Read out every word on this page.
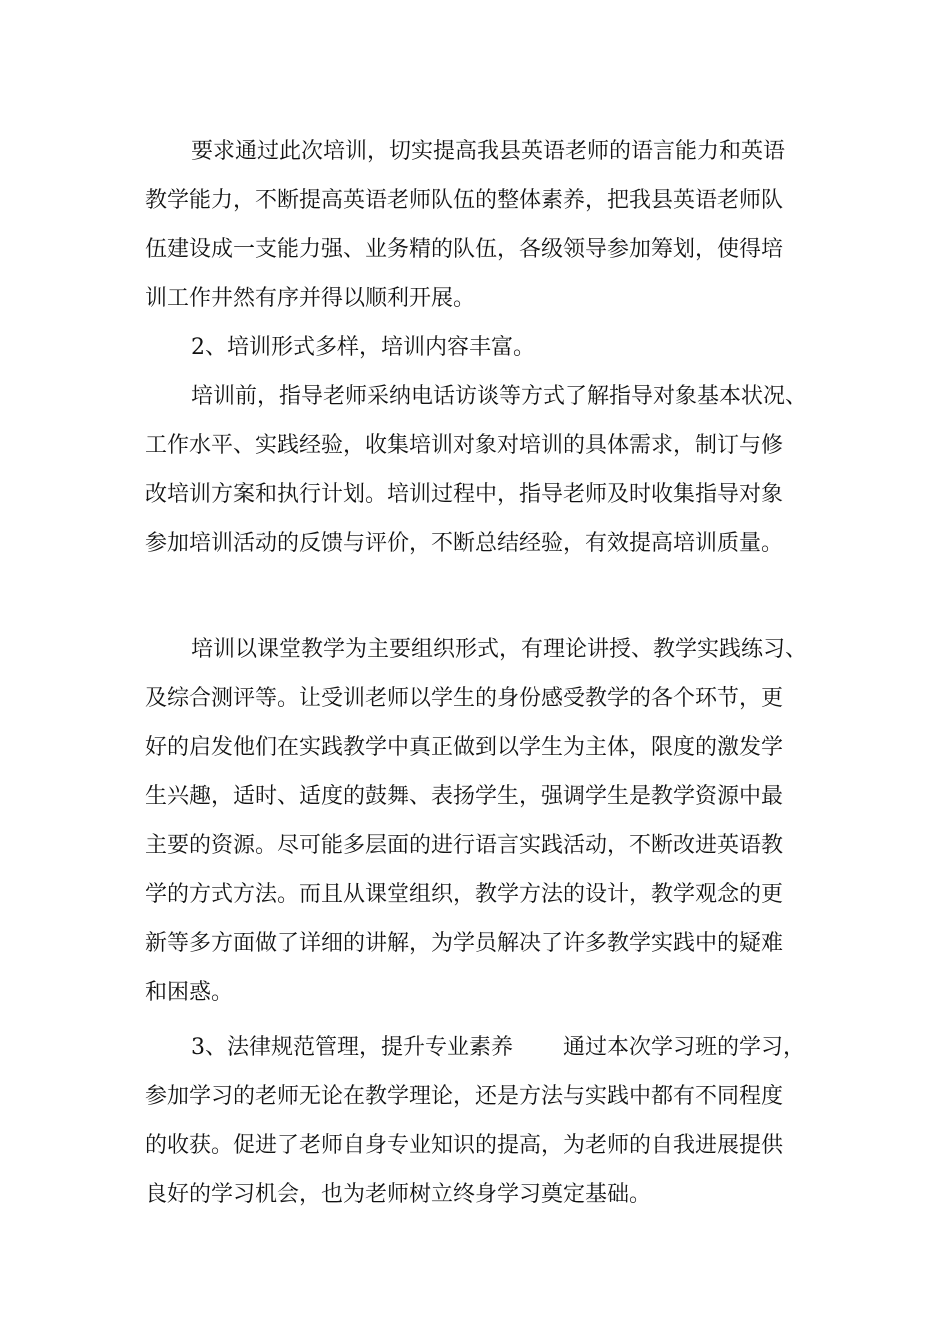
要求通过此次培训，切实提高我县英语老师的语言能力和英语
教学能力，不断提高英语老师队伍的整体素养，把我县英语老师队
伍建设成一支能力强、业务精的队伍，各级领导参加筹划，使得培
训工作井然有序并得以顺利开展。
2、培训形式多样，培训内容丰富。
培训前，指导老师采纳电话访谈等方式了解指导对象基本状况、
工作水平、实践经验，收集培训对象对培训的具体需求，制订与修
改培训方案和执行计划。培训过程中，指导老师及时收集指导对象
参加培训活动的反馈与评价，不断总结经验，有效提高培训质量。
培训以课堂教学为主要组织形式，有理论讲授、教学实践练习、
及综合测评等。让受训老师以学生的身份感受教学的各个环节，更
好的启发他们在实践教学中真正做到以学生为主体，限度的激发学
生兴趣，适时、适度的鼓舞、表扬学生，强调学生是教学资源中最
主要的资源。尽可能多层面的进行语言实践活动，不断改进英语教
学的方式方法。而且从课堂组织，教学方法的设计，教学观念的更
新等多方面做了详细的讲解，为学员解决了许多教学实践中的疑难
和困惑。
3、法律规范管理，提升专业素养 通过本次学习班的学习，
参加学习的老师无论在教学理论，还是方法与实践中都有不同程度
的收获。促进了老师自身专业知识的提高，为老师的自我进展提供
良好的学习机会，也为老师树立终身学习奠定基础。
